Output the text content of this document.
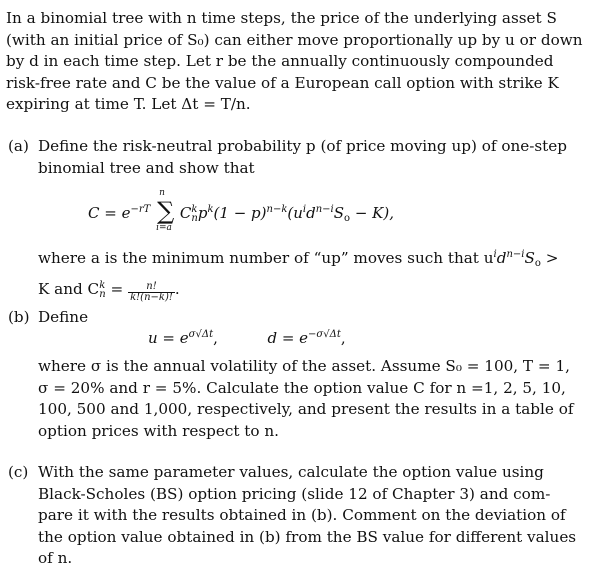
In a binomial tree with n time steps, the price of the underlying asset S
(with an initial price of S₀) can either move proportionally up by u or down
by d in each time step. Let r be the annually continuously compounded
risk-free rate and C be the value of a European call option with strike K
expiring at time T. Let Δt = T/n.
(a) Define the risk-neutral probability p (of price moving up) of one-step
binomial tree and show that
$C = e^{-rT}$
n
∑
i=a
$C^k_np^k(1 - p)^{n-k}(u^id^{n-i}S_o - K)$,
where a is the minimum number of “up” moves such that $u^id^{n-i}S_o$ >
K and $C^k_n = \frac{n!}{k!(n-k)!}$ .
(b) Define
$u = e^{\sigma√\Delta t}$,	$d = e^{-\sigma√\Delta t}$,
where σ is the annual volatility of the asset. Assume S₀ = 100, T = 1,
σ = 20% and r = 5%. Calculate the option value C for n =1, 2, 5, 10,
100, 500 and 1,000, respectively, and present the results in a table of
option prices with respect to n.
(c) With the same parameter values, calculate the option value using
Black-Scholes (BS) option pricing (slide 12 of Chapter 3) and com-
pare it with the results obtained in (b). Comment on the deviation of
the option value obtained in (b) from the BS value for different values
of n.
